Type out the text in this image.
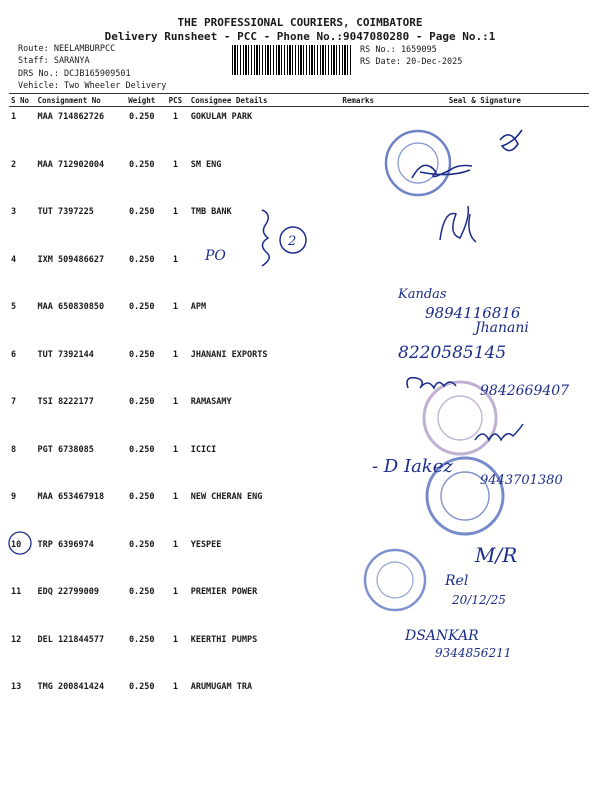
THE PROFESSIONAL COURIERS, COIMBATORE
Delivery Runsheet - PCC - Phone No.:9047080280 - Page No.:1
Route: NEELAMBURPCC
Staff: SARANYA
DRS No.: DCJB165909501
Vehicle: Two Wheeler Delivery
RS No.: 1659095
RS Date: 20-Dec-2025
S No	Consignment No	Weight	PCS	Consignee Details	Remarks	Seal & Signature
1	MAA 714862726	0.250	1	GOKULAM PARK		
2	MAA 712902004	0.250	1	SM ENG		
3	TUT 7397225	0.250	1	TMB BANK		
4	IXM 509486627	0.250	1			
5	MAA 650830850	0.250	1	APM		
6	TUT 7392144	0.250	1	JHANANI EXPORTS		
7	TSI 8222177	0.250	1	RAMASAMY		
8	PGT 6738085	0.250	1	ICICI		
9	MAA 653467918	0.250	1	NEW CHERAN ENG		
10	TRP 6396974	0.250	1	YESPEE		
11	EDQ 22799009	0.250	1	PREMIER POWER		
12	DEL 121844577	0.250	1	KEERTHI PUMPS		
13	TMG 200841424	0.250	1	ARUMUGAM TRA		
PO
2
Kandas
9894116816
Jhanani
8220585145
9842669407
- D Iakez
9443701380
M/R
Rel
20/12/25
DSANKAR
9344856211
